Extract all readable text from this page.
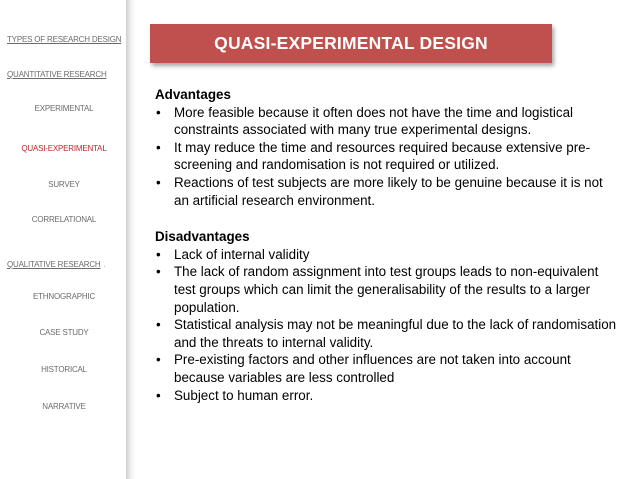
TYPES OF RESEARCH DESIGN
QUANTITATIVE RESEARCH
EXPERIMENTAL
QUASI-EXPERIMENTAL
SURVEY
CORRELATIONAL
QUALITATIVE RESEARCH .
ETHNOGRAPHIC
CASE STUDY
HISTORICAL
NARRATIVE
QUASI-EXPERIMENTAL DESIGN
Advantages
• More feasible because it often does not have the time and logistical constraints associated with many true experimental designs.
• It may reduce the time and resources required because extensive pre-screening and randomisation is not required or utilized.
• Reactions of test subjects are more likely to be genuine because it is not an artificial research environment.
Disadvantages
• Lack of internal validity
• The lack of random assignment into test groups leads to non-equivalent test groups which can limit the generalisability of the results to a larger population.
• Statistical analysis may not be meaningful due to the lack of randomisation and the threats to internal validity.
• Pre-existing factors and other influences are not taken into account because variables are less controlled
• Subject to human error.
